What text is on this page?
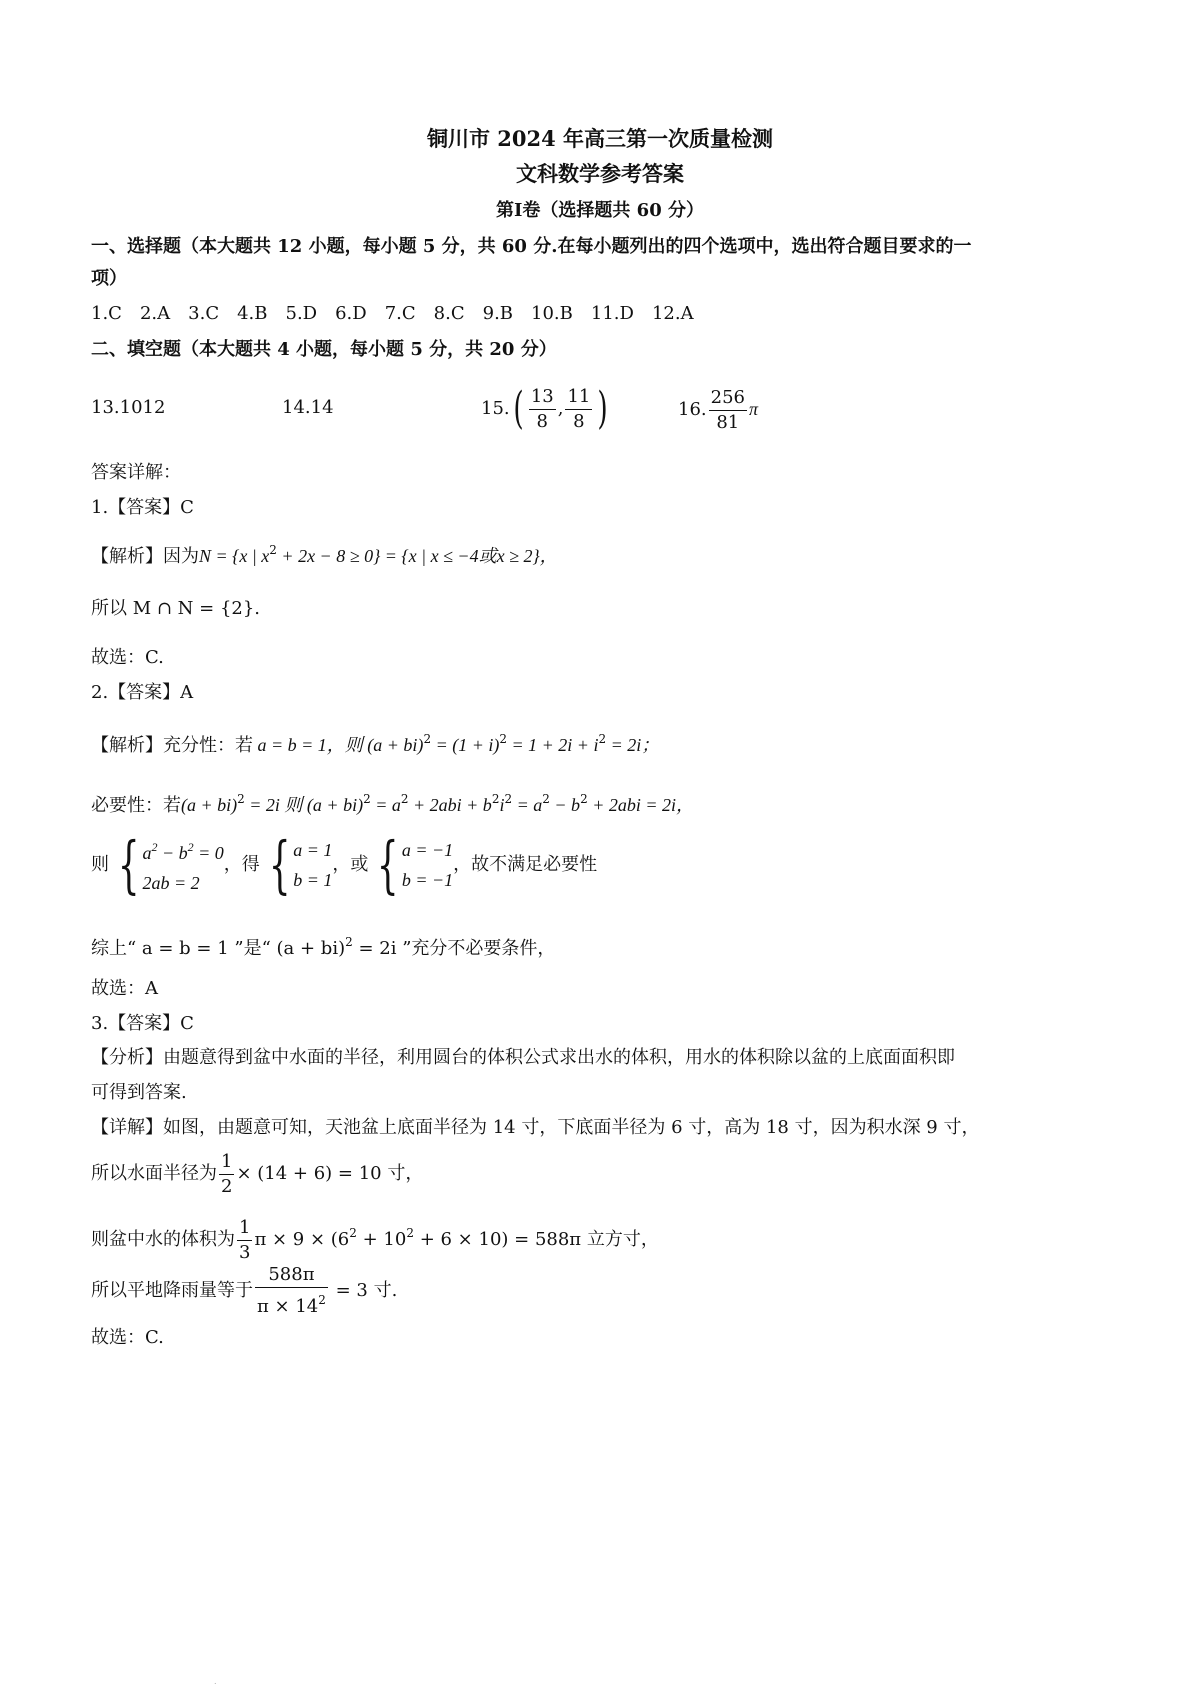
铜川市 2024 年高三第一次质量检测
文科数学参考答案
第Ⅰ卷（选择题共 60 分）
一、选择题（本大题共 12 小题，每小题 5 分，共 60 分.在每小题列出的四个选项中，选出符合题目要求的一
项）
1.C 2.A 3.C 4.B 5.D 6.D 7.C 8.C 9.B 10.B 11.D 12.A
二、填空题（本大题共 4 小题，每小题 5 分，共 20 分）
13.1012	14.14	$15.( \frac{13}{8}$ , $\frac{11}{8}$ )	16. $\frac{256}{81}$ π
答案详解：
1.【答案】C
【解析】因为N = {x | $x^2 + 2x - 8 \ge 0\} = \{x$ | x ≤ −4或x ≥ 2}，
所以 M ∩ N = {2}.
故选：C.
2.【答案】A
【解析】充分性：若 a = b = 1，则 $(a + bi)^2 = (1 + i)^2 = 1 + 2i + i^2 = 2i$；
必要性：若(a + bi)$^2$ = 2i 则 $(a + bi)^2 = a^2 + 2abi + b^2i^2 = a^2 - b^2 + 2abi = 2i$，
则 { $a^2 - b^2 = 0$
2ab = 2
，得 { a = 1
b = 1
，或 { a = −1
b = −1
，故不满足必要性
综上“ a = b = 1 ”是“ (a + bi)$^2$ = 2i ”充分不必要条件，
故选：A
3.【答案】C
【分析】由题意得到盆中水面的半径，利用圆台的体积公式求出水的体积，用水的体积除以盆的上底面面积即
可得到答案.
【详解】如图，由题意可知，天池盆上底面半径为 14 寸，下底面半径为 6 寸，高为 18 寸，因为积水深 9 寸，
所以水面半径为 $\frac{1}{2} \times (14 + 6) = 10$ 寸，
则盆中水的体积为 $\frac{1}{3}$ $\pi \times 9 \times (6^2 + 10^2 + 6 \times 10) = 588\pi$ 立方寸，
所以平地降雨量等于 $\frac{588\pi}{\pi \times 14^2} = 3$ 寸.
故选：C.
.
